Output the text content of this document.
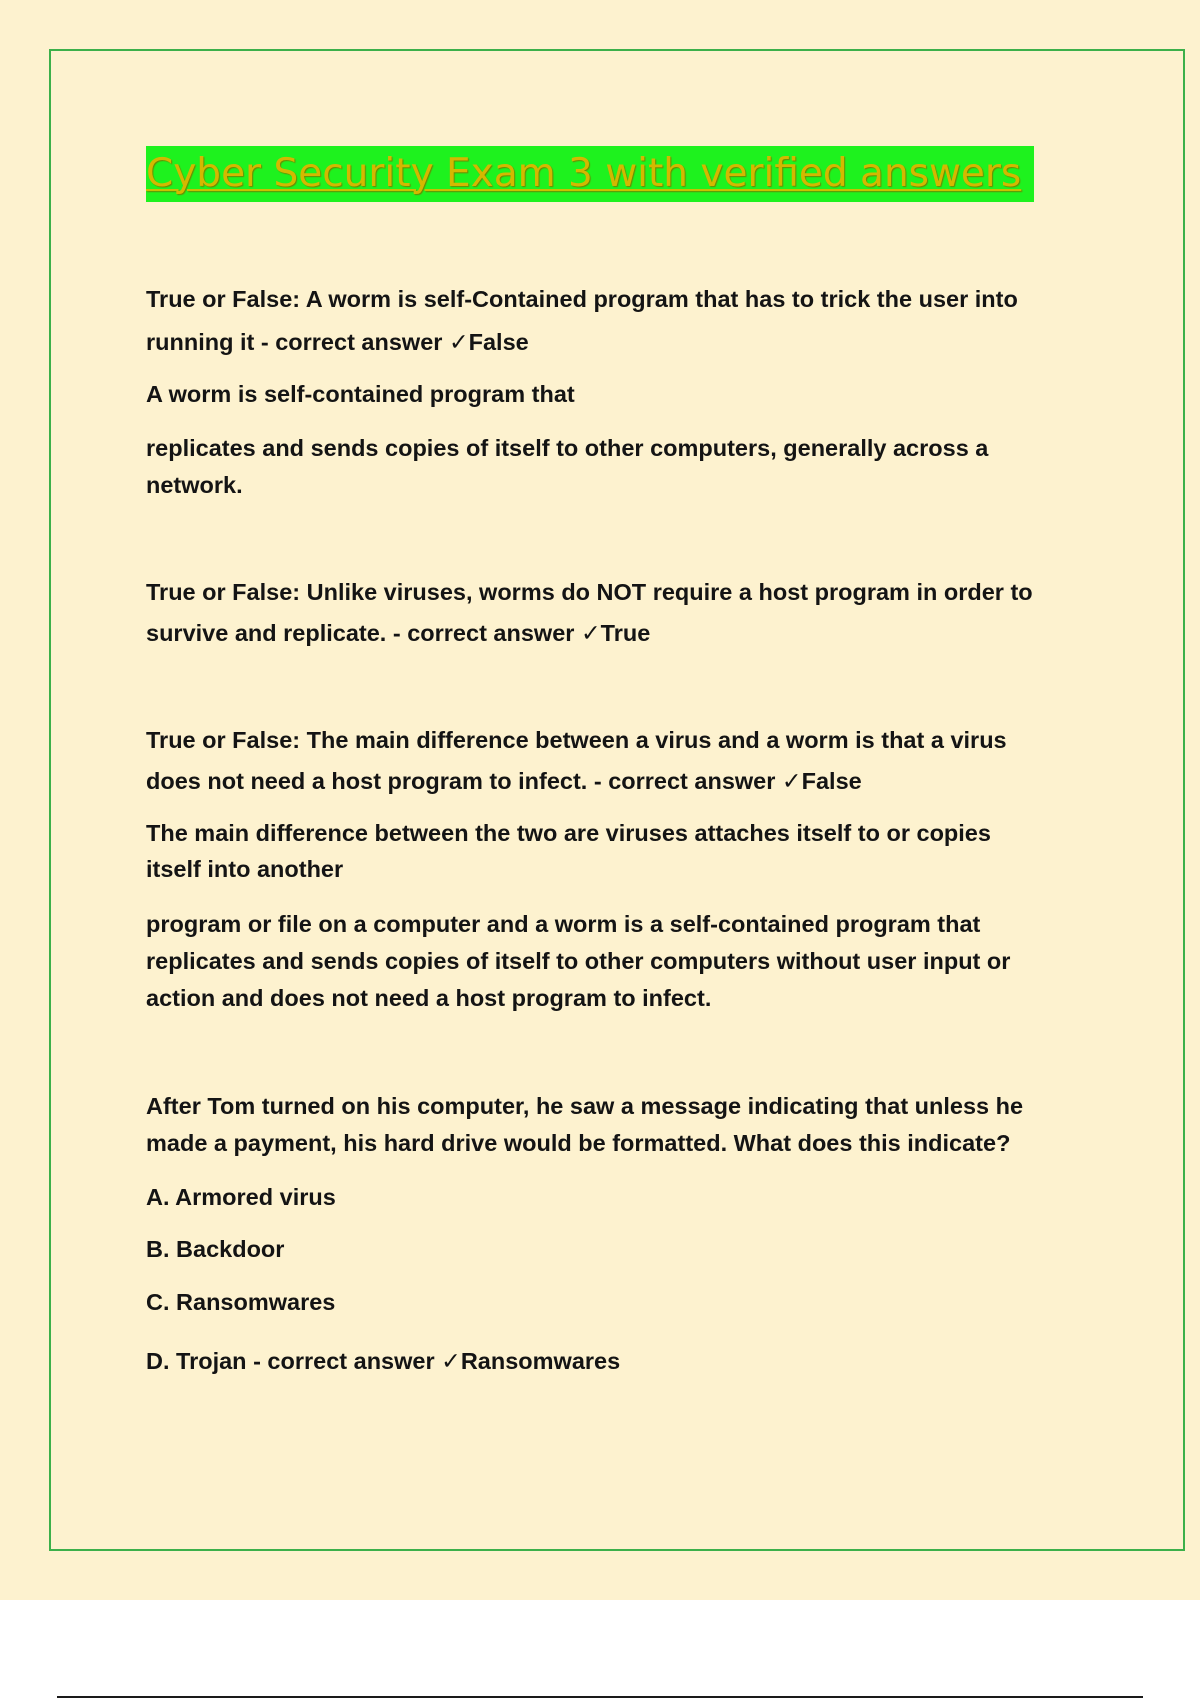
Cyber Security Exam 3 with verified answers

True or False: A worm is self-Contained program that has to trick the user into

running it - correct answer ✓False

A worm is self-contained program that

replicates and sends copies of itself to other computers, generally across a

network.

True or False: Unlike viruses, worms do NOT require a host program in order to

survive and replicate. - correct answer ✓True

True or False: The main difference between a virus and a worm is that a virus

does not need a host program to infect. - correct answer ✓False

The main difference between the two are viruses attaches itself to or copies

itself into another

program or file on a computer and a worm is a self-contained program that

replicates and sends copies of itself to other computers without user input or

action and does not need a host program to infect.

After Tom turned on his computer, he saw a message indicating that unless he

made a payment, his hard drive would be formatted. What does this indicate?

A. Armored virus

B. Backdoor

C. Ransomwares

D. Trojan - correct answer ✓Ransomwares
